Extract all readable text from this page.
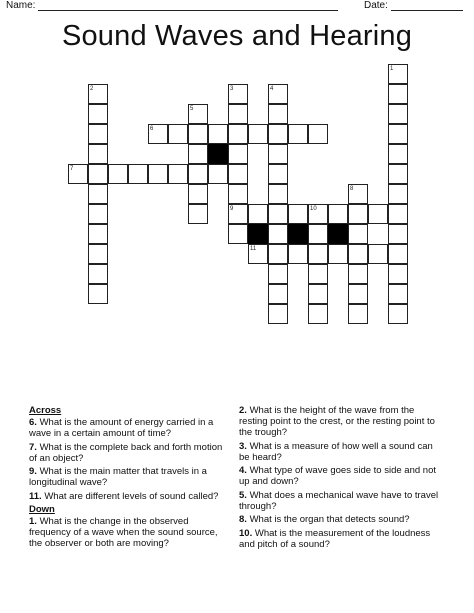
Name:	Date:
Sound Waves and Hearing
1
2	3	4
5
6
7
8
9	10
11
Across
6. What is the amount of energy carried in a wave in a certain amount of time?
7. What is the complete back and forth motion of an object?
9. What is the main matter that travels in a longitudinal wave?
11. What are different levels of sound called?
Down
1. What is the change in the observed frequency of a wave when the sound source, the observer or both are moving?
2. What is the height of the wave from the resting point to the crest, or the resting point to the trough?
3. What is a measure of how well a sound can be heard?
4. What type of wave goes side to side and not up and down?
5. What does a mechanical wave have to travel through?
8. What is the organ that detects sound?
10. What is the measurement of the loudness and pitch of a sound?
